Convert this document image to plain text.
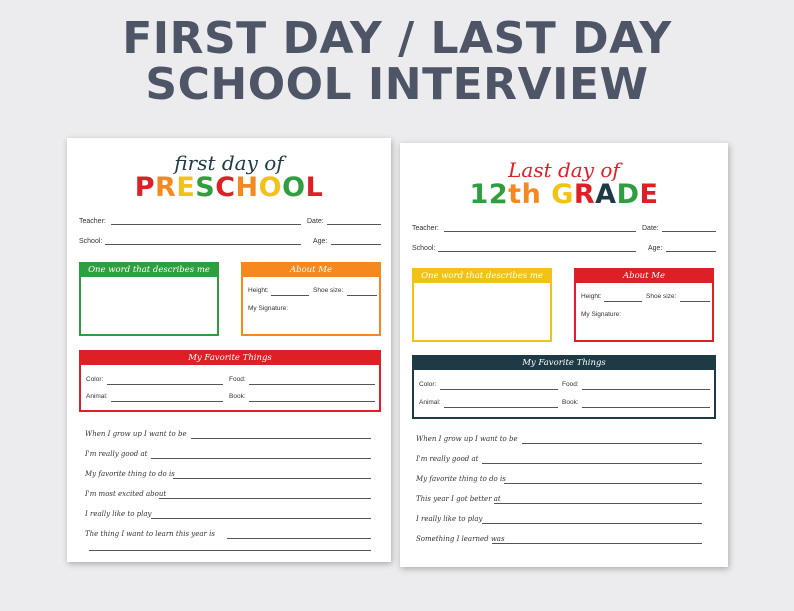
FIRST DAY / LAST DAY
SCHOOL INTERVIEW
first day of
PRESCHOOL
Teacher:	Date:
School:	Age:
One word that describes me	About Me
Height:	Shoe size:
My Signature:
My Favorite Things
Color:	Food:
Animal:	Book:
When I grow up I want to be
I'm really good at
My favorite thing to do is
I'm most excited about
I really like to play
The thing I want to learn this year is
Last day of
12th GRADE
Teacher:	Date:
School:	Age:
One word that describes me	About Me
Height:	Shoe size:
My Signature:
My Favorite Things
Color:	Food:
Animal:	Book:
When I grow up I want to be
I'm really good at
My favorite thing to do is
This year I got better at
I really like to play
Something I learned was
